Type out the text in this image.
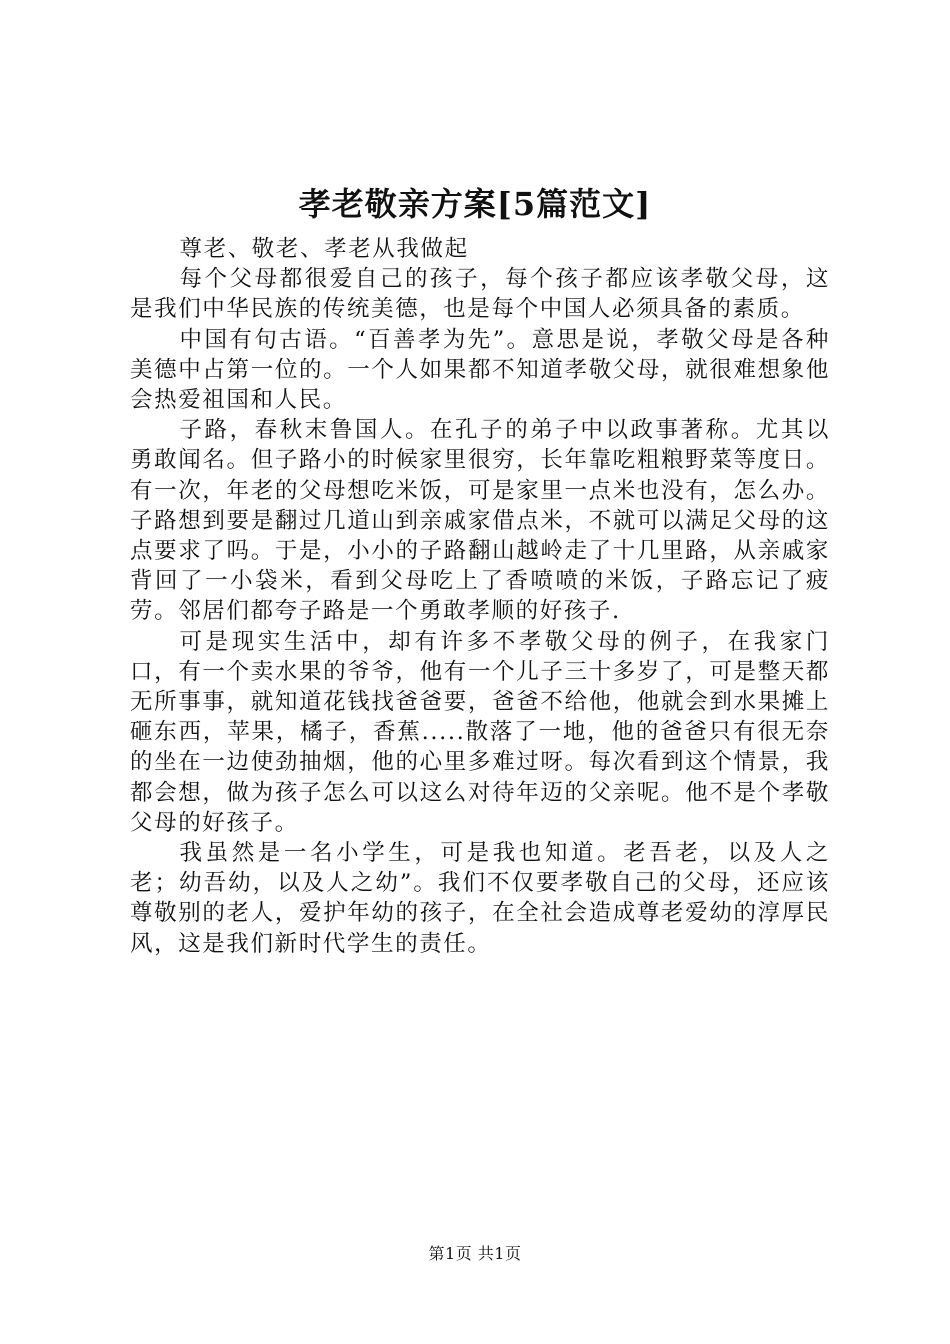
孝老敬亲方案[5篇范文]

尊老、敬老、孝老从我做起

每个父母都很爱自己的孩子，每个孩子都应该孝敬父母，这是我们中华民族的传统美德，也是每个中国人必须具备的素质。

中国有句古语。“百善孝为先”。意思是说，孝敬父母是各种美德中占第一位的。一个人如果都不知道孝敬父母，就很难想象他会热爱祖国和人民。

子路，春秋末鲁国人。在孔子的弟子中以政事著称。尤其以勇敢闻名。但子路小的时候家里很穷，长年靠吃粗粮野菜等度日。有一次，年老的父母想吃米饭，可是家里一点米也没有，怎么办。子路想到要是翻过几道山到亲戚家借点米，不就可以满足父母的这点要求了吗。于是，小小的子路翻山越岭走了十几里路，从亲戚家背回了一小袋米，看到父母吃上了香喷喷的米饭，子路忘记了疲劳。邻居们都夸子路是一个勇敢孝顺的好孩子.

可是现实生活中，却有许多不孝敬父母的例子，在我家门口，有一个卖水果的爷爷，他有一个儿子三十多岁了，可是整天都无所事事，就知道花钱找爸爸要，爸爸不给他，他就会到水果摊上砸东西，苹果，橘子，香蕉.....散落了一地，他的爸爸只有很无奈的坐在一边使劲抽烟，他的心里多难过呀。每次看到这个情景，我都会想，做为孩子怎么可以这么对待年迈的父亲呢。他不是个孝敬父母的好孩子。

我虽然是一名小学生，可是我也知道。老吾老，以及人之老；幼吾幼，以及人之幼”。我们不仅要孝敬自己的父母，还应该尊敬别的老人，爱护年幼的孩子，在全社会造成尊老爱幼的淳厚民风，这是我们新时代学生的责任。

第1页 共1页
